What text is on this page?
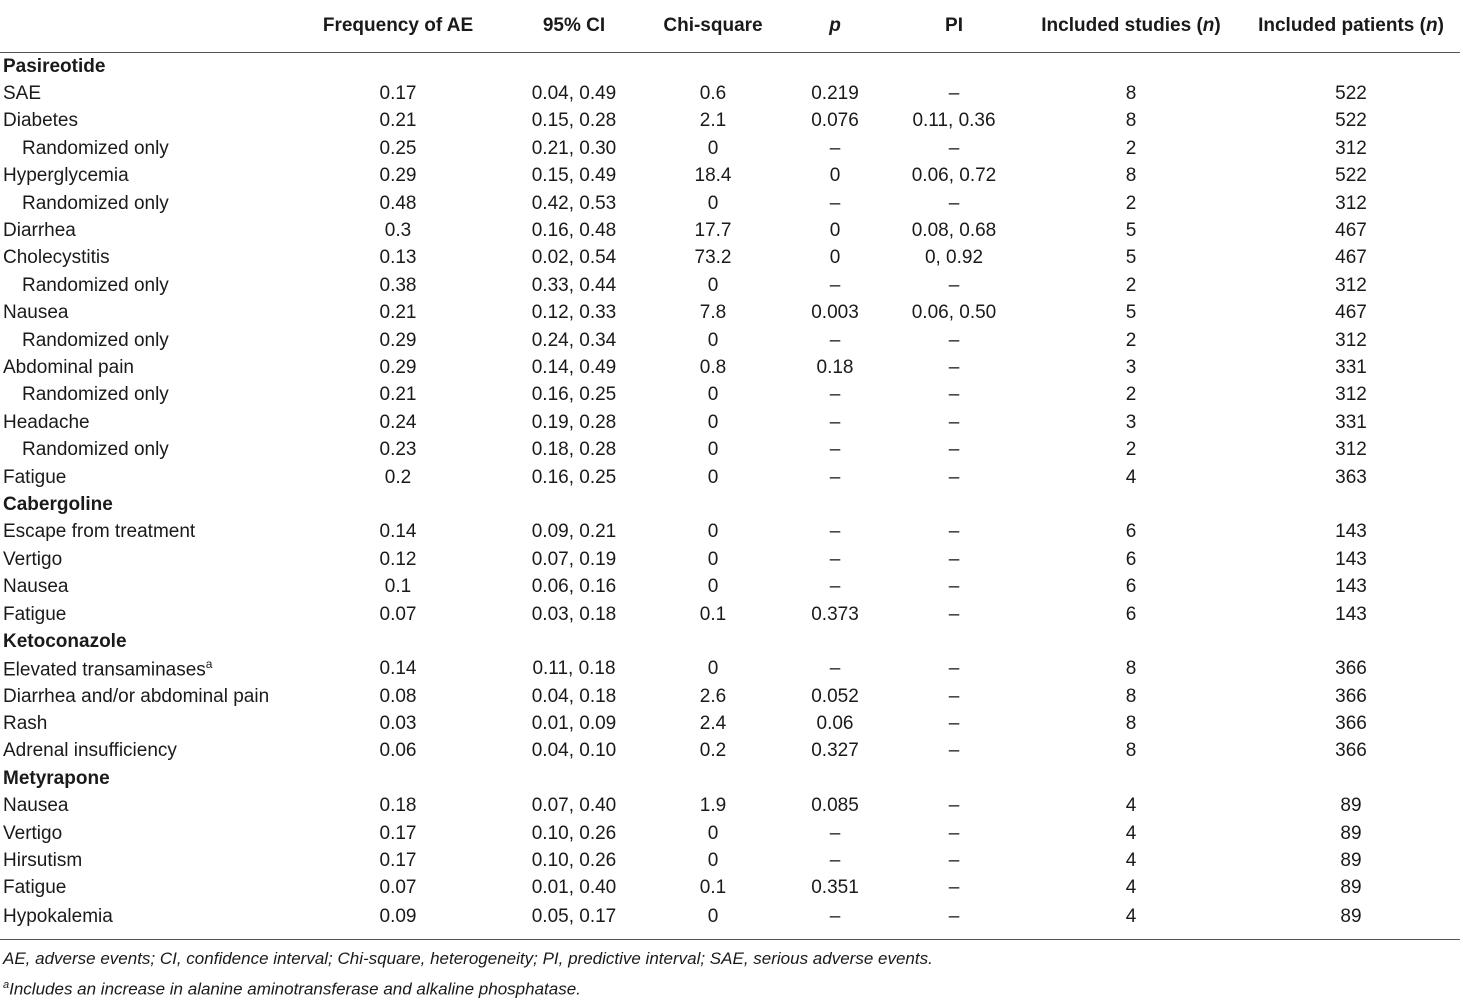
	Frequency of AE	95% CI	Chi-square	p	PI	Included studies (n)	Included patients (n)
Pasireotide							
SAE	0.17	0.04, 0.49	0.6	0.219	–	8	522
Diabetes	0.21	0.15, 0.28	2.1	0.076	0.11, 0.36	8	522
Randomized only	0.25	0.21, 0.30	0	–	–	2	312
Hyperglycemia	0.29	0.15, 0.49	18.4	0	0.06, 0.72	8	522
Randomized only	0.48	0.42, 0.53	0	–	–	2	312
Diarrhea	0.3	0.16, 0.48	17.7	0	0.08, 0.68	5	467
Cholecystitis	0.13	0.02, 0.54	73.2	0	0, 0.92	5	467
Randomized only	0.38	0.33, 0.44	0	–	–	2	312
Nausea	0.21	0.12, 0.33	7.8	0.003	0.06, 0.50	5	467
Randomized only	0.29	0.24, 0.34	0	–	–	2	312
Abdominal pain	0.29	0.14, 0.49	0.8	0.18	–	3	331
Randomized only	0.21	0.16, 0.25	0	–	–	2	312
Headache	0.24	0.19, 0.28	0	–	–	3	331
Randomized only	0.23	0.18, 0.28	0	–	–	2	312
Fatigue	0.2	0.16, 0.25	0	–	–	4	363
Cabergoline							
Escape from treatment	0.14	0.09, 0.21	0	–	–	6	143
Vertigo	0.12	0.07, 0.19	0	–	–	6	143
Nausea	0.1	0.06, 0.16	0	–	–	6	143
Fatigue	0.07	0.03, 0.18	0.1	0.373	–	6	143
Ketoconazole							
Elevated transaminases$^a$	0.14	0.11, 0.18	0	–	–	8	366
Diarrhea and/or abdominal pain	0.08	0.04, 0.18	2.6	0.052	–	8	366
Rash	0.03	0.01, 0.09	2.4	0.06	–	8	366
Adrenal insufficiency	0.06	0.04, 0.10	0.2	0.327	–	8	366
Metyrapone							
Nausea	0.18	0.07, 0.40	1.9	0.085	–	4	89
Vertigo	0.17	0.10, 0.26	0	–	–	4	89
Hirsutism	0.17	0.10, 0.26	0	–	–	4	89
Fatigue	0.07	0.01, 0.40	0.1	0.351	–	4	89
Hypokalemia	0.09	0.05, 0.17	0	–	–	4	89
AE, adverse events; CI, confidence interval; Chi-square, heterogeneity; PI, predictive interval; SAE, serious adverse events.
$^a$Includes an increase in alanine aminotransferase and alkaline phosphatase.
